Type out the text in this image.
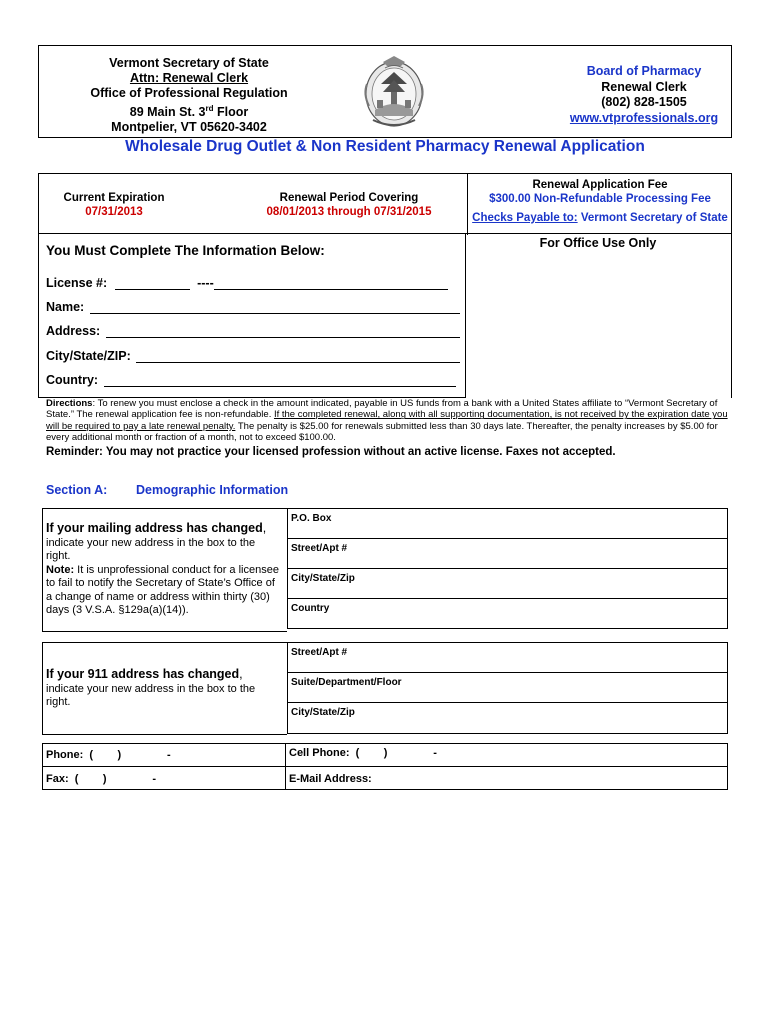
Vermont Secretary of State
Attn: Renewal Clerk
Office of Professional Regulation
89 Main St. 3rd Floor
Montpelier, VT 05620-3402
Board of Pharmacy
Renewal Clerk
(802) 828-1505
www.vtprofessionals.org
Wholesale Drug Outlet & Non Resident Pharmacy Renewal Application
Current Expiration
07/31/2013
Renewal Period Covering
08/01/2013 through 07/31/2015
Renewal Application Fee
$300.00 Non-Refundable Processing Fee
Checks Payable to: Vermont Secretary of State
You Must Complete The Information Below:	For Office Use Only
License #:	----
Name:
Address:
City/State/ZIP:
Country:
Directions: To renew you must enclose a check in the amount indicated, payable in US funds from a bank with a United States affiliate to “Vermont Secretary of State.” The renewal application fee is non-refundable. If the completed renewal, along with all supporting documentation, is not received by the expiration date you will be required to pay a late renewal penalty. The penalty is $25.00 for renewals submitted less than 30 days late. Thereafter, the penalty increases by $5.00 for every additional month or fraction of a month, not to exceed $100.00.
Reminder: You may not practice your licensed profession without an active license. Faxes not accepted.
Section A: Demographic Information
If your mailing address has changed,
indicate your new address in the box to the right.
Note: It is unprofessional conduct for a licensee to fail to notify the Secretary of State’s Office of a change of name or address within thirty (30) days (3 V.S.A. §129a(a)(14)).
P.O. Box
Street/Apt #
City/State/Zip
Country
If your 911 address has changed,
indicate your new address in the box to the right.
Street/Apt #
Suite/Department/Floor
City/State/Zip
Phone:  (        )               -	Cell Phone:  (        )               -
Fax:  (        )               -	E-Mail Address:
